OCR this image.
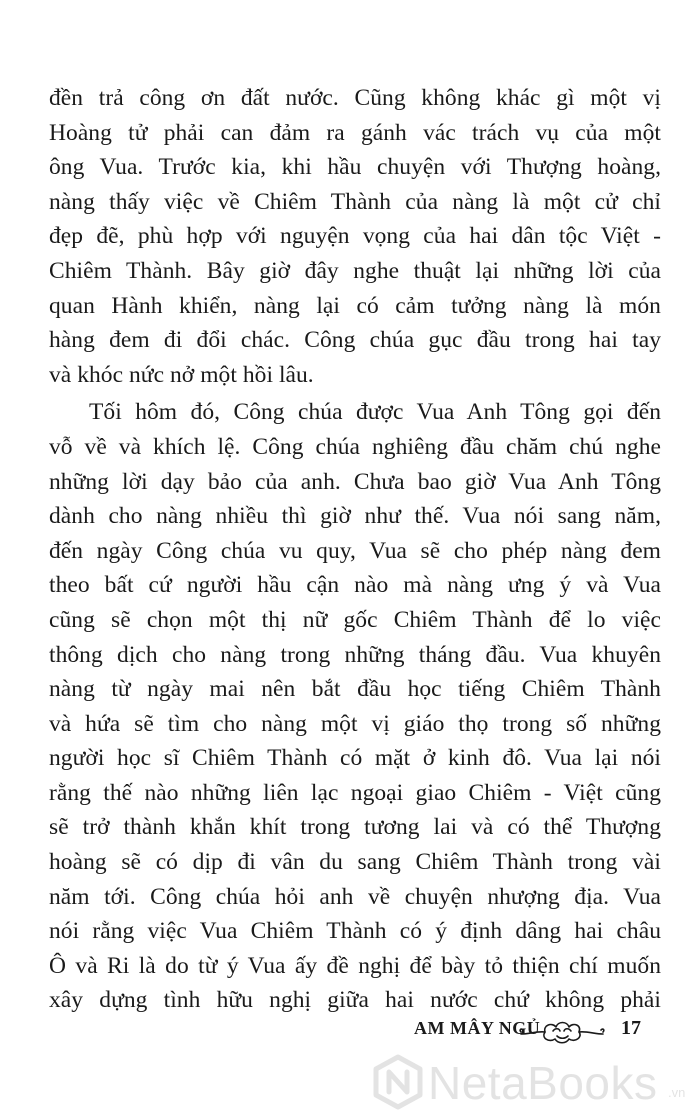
đền trả công ơn đất nước. Cũng không khác gì một vị
Hoàng tử phải can đảm ra gánh vác trách vụ của một
ông Vua. Trước kia, khi hầu chuyện với Thượng hoàng,
nàng thấy việc về Chiêm Thành của nàng là một cử chỉ
đẹp đẽ, phù hợp với nguyện vọng của hai dân tộc Việt -
Chiêm Thành. Bây giờ đây nghe thuật lại những lời của
quan Hành khiển, nàng lại có cảm tưởng nàng là món
hàng đem đi đổi chác. Công chúa gục đầu trong hai tay
và khóc nức nở một hồi lâu.
Tối hôm đó, Công chúa được Vua Anh Tông gọi đến
vỗ về và khích lệ. Công chúa nghiêng đầu chăm chú nghe
những lời dạy bảo của anh. Chưa bao giờ Vua Anh Tông
dành cho nàng nhiều thì giờ như thế. Vua nói sang năm,
đến ngày Công chúa vu quy, Vua sẽ cho phép nàng đem
theo bất cứ người hầu cận nào mà nàng ưng ý và Vua
cũng sẽ chọn một thị nữ gốc Chiêm Thành để lo việc
thông dịch cho nàng trong những tháng đầu. Vua khuyên
nàng từ ngày mai nên bắt đầu học tiếng Chiêm Thành
và hứa sẽ tìm cho nàng một vị giáo thọ trong số những
người học sĩ Chiêm Thành có mặt ở kinh đô. Vua lại nói
rằng thế nào những liên lạc ngoại giao Chiêm - Việt cũng
sẽ trở thành khắn khít trong tương lai và có thể Thượng
hoàng sẽ có dịp đi vân du sang Chiêm Thành trong vài
năm tới. Công chúa hỏi anh về chuyện nhượng địa. Vua
nói rằng việc Vua Chiêm Thành có ý định dâng hai châu
Ô và Ri là do từ ý Vua ấy đề nghị để bày tỏ thiện chí muốn
xây dựng tình hữu nghị giữa hai nước chứ không phải
AM MÂY NGỦ	17
NetaBooks .vn
